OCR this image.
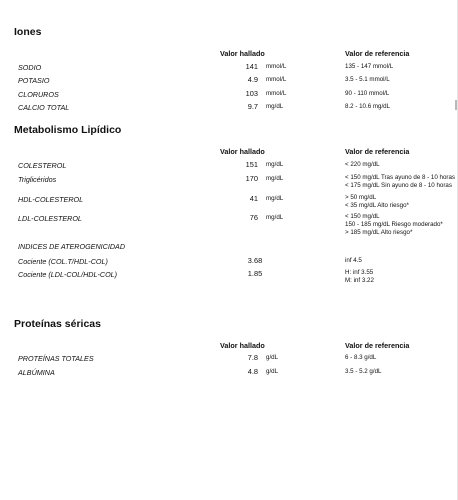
Iones
Valor hallado	Valor de referencia
SODIO	141 mmol/L	135 - 147 mmol/L
POTASIO	4.9 mmol/L	3.5 - 5.1 mmol/L
CLORUROS	103 mmol/L	90 - 110 mmol/L
CALCIO TOTAL	9.7 mg/dL	8.2 - 10.6 mg/dL
Metabolismo Lipídico
Valor hallado	Valor de referencia
COLESTEROL	151 mg/dL	< 220 mg/dL
Triglicéridos	170 mg/dL	< 150 mg/dL Tras ayuno de 8 - 10 horas
< 175 mg/dL Sin ayuno de 8 - 10 horas
HDL-COLESTEROL	41 mg/dL	> 50 mg/dL
< 35 mg/dL Alto riesgo*
LDL-COLESTEROL	76 mg/dL	< 150 mg/dL
150 - 185 mg/dL Riesgo moderado*
> 185 mg/dL Alto riesgo*
INDICES DE ATEROGENICIDAD
Cociente (COL.T/HDL-COL)	3.68	inf 4.5
Cociente (LDL-COL/HDL-COL)	1.85	H: inf 3.55
M: inf 3.22
Proteínas séricas
Valor hallado	Valor de referencia
PROTEÍNAS TOTALES	7.8 g/dL	6 - 8.3 g/dL
ALBÚMINA	4.8 g/dL	3.5 - 5.2 g/dL
